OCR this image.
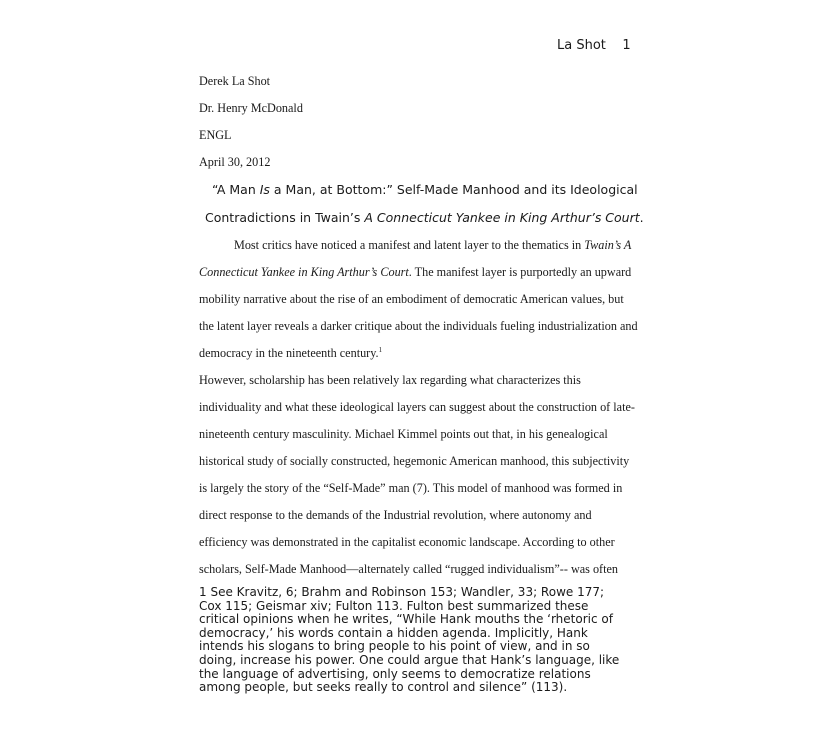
La Shot 1
Derek La Shot
Dr. Henry McDonald
ENGL
April 30, 2012
“A Man Is a Man, at Bottom:” Self-Made Manhood and its Ideological
Contradictions in Twain’s A Connecticut Yankee in King Arthur’s Court.
Most critics have noticed a manifest and latent layer to the thematics in Twain’s A
Connecticut Yankee in King Arthur’s Court. The manifest layer is purportedly an upward
mobility narrative about the rise of an embodiment of democratic American values, but
the latent layer reveals a darker critique about the individuals fueling industrialization and
democracy in the nineteenth century.$^1$
However, scholarship has been relatively lax regarding what characterizes this
individuality and what these ideological layers can suggest about the construction of late-
nineteenth century masculinity. Michael Kimmel points out that, in his genealogical
historical study of socially constructed, hegemonic American manhood, this subjectivity
is largely the story of the “Self-Made” man (7). This model of manhood was formed in
direct response to the demands of the Industrial revolution, where autonomy and
efficiency was demonstrated in the capitalist economic landscape. According to other
scholars, Self-Made Manhood—alternately called “rugged individualism”-- was often
1 See Kravitz, 6; Brahm and Robinson 153; Wandler, 33; Rowe 177; Cox 115; Geismar xiv; Fulton 113. Fulton best summarized these critical opinions when he writes, “While Hank mouths the ‘rhetoric of democracy,’ his words contain a hidden agenda. Implicitly, Hank intends his slogans to bring people to his point of view, and in so doing, increase his power. One could argue that Hank’s language, like the language of advertising, only seems to democratize relations among people, but seeks really to control and silence” (113).
